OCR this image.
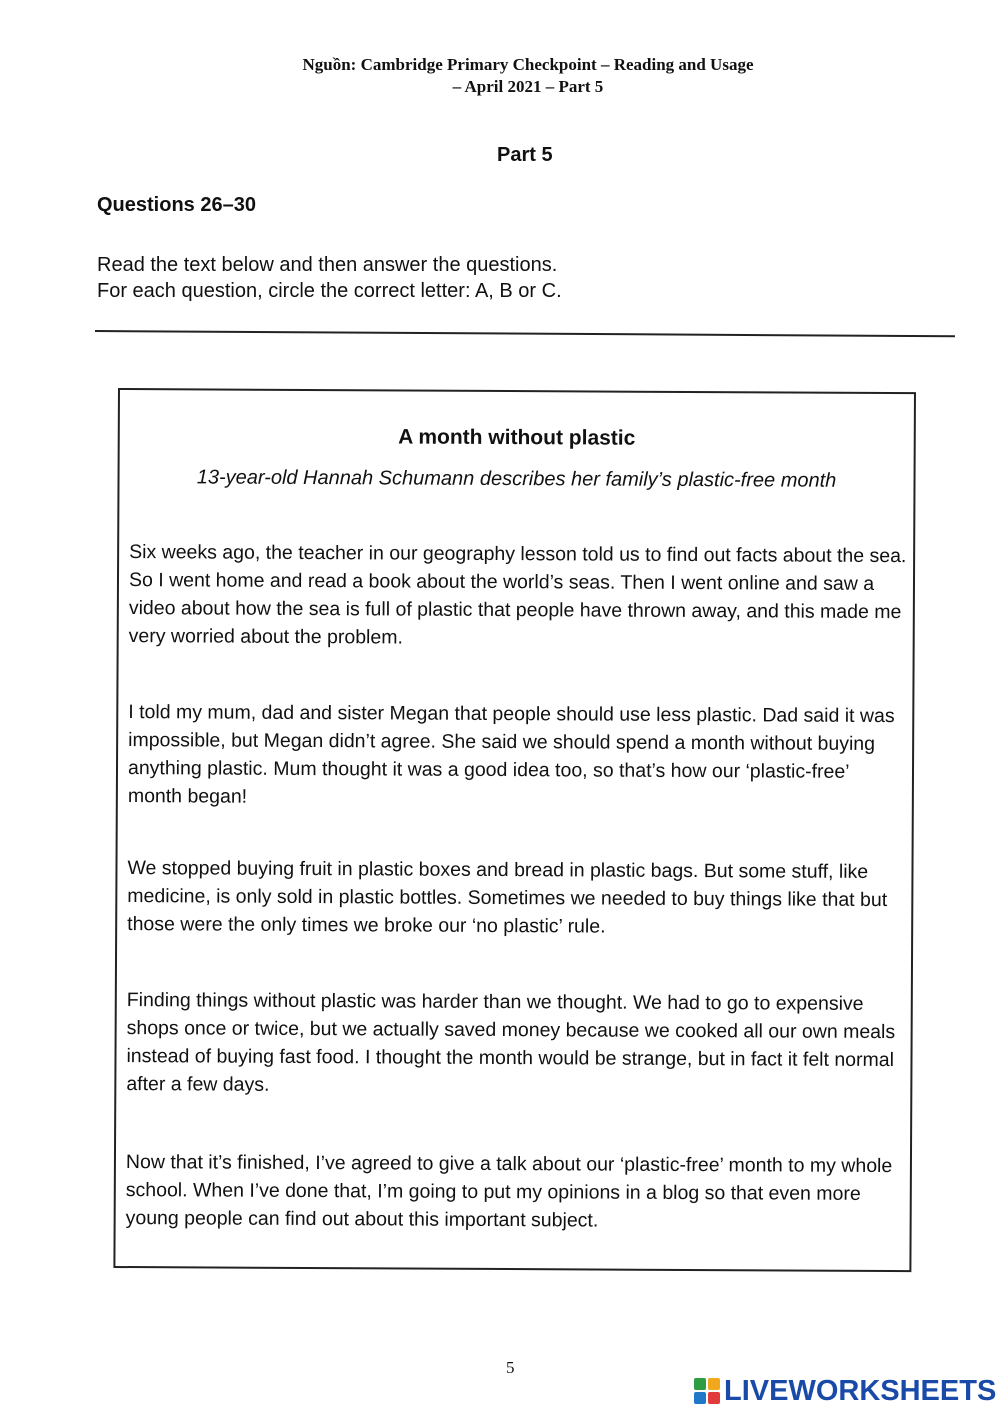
Nguồn: Cambridge Primary Checkpoint – Reading and Usage
– April 2021 – Part 5
Part 5
Questions 26–30
Read the text below and then answer the questions.
For each question, circle the correct letter: A, B or C.
A month without plastic
13-year-old Hannah Schumann describes her family’s plastic-free month
Six weeks ago, the teacher in our geography lesson told us to find out facts about the sea. So I went home and read a book about the world’s seas. Then I went online and saw a video about how the sea is full of plastic that people have thrown away, and this made me very worried about the problem.
I told my mum, dad and sister Megan that people should use less plastic. Dad said it was impossible, but Megan didn’t agree. She said we should spend a month without buying anything plastic. Mum thought it was a good idea too, so that’s how our ‘plastic-free’ month began!
We stopped buying fruit in plastic boxes and bread in plastic bags. But some stuff, like medicine, is only sold in plastic bottles. Sometimes we needed to buy things like that but those were the only times we broke our ‘no plastic’ rule.
Finding things without plastic was harder than we thought. We had to go to expensive shops once or twice, but we actually saved money because we cooked all our own meals instead of buying fast food. I thought the month would be strange, but in fact it felt normal after a few days.
Now that it’s finished, I’ve agreed to give a talk about our ‘plastic-free’ month to my whole school. When I’ve done that, I’m going to put my opinions in a blog so that even more young people can find out about this important subject.
5
LIVEWORKSHEETS
